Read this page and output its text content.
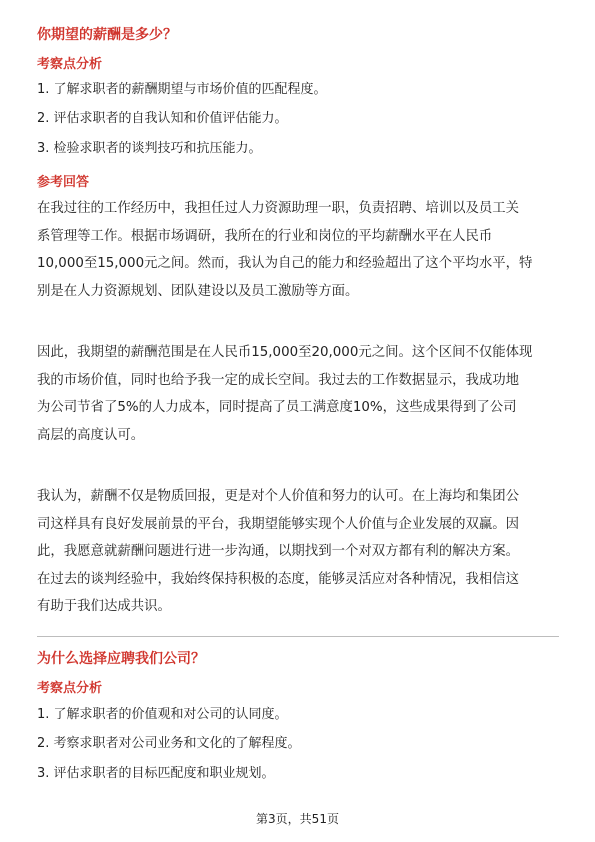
你期望的薪酬是多少？
考察点分析
1. 了解求职者的薪酬期望与市场价值的匹配程度。
2. 评估求职者的自我认知和价值评估能力。
3. 检验求职者的谈判技巧和抗压能力。
参考回答
在我过往的工作经历中，我担任过人力资源助理一职，负责招聘、培训以及员工关
系管理等工作。根据市场调研，我所在的行业和岗位的平均薪酬水平在人民币
10,000至15,000元之间。然而，我认为自己的能力和经验超出了这个平均水平，特
别是在人力资源规划、团队建设以及员工激励等方面。
因此，我期望的薪酬范围是在人民币15,000至20,000元之间。这个区间不仅能体现
我的市场价值，同时也给予我一定的成长空间。我过去的工作数据显示，我成功地
为公司节省了5%的人力成本，同时提高了员工满意度10%，这些成果得到了公司
高层的高度认可。
我认为，薪酬不仅是物质回报，更是对个人价值和努力的认可。在上海均和集团公
司这样具有良好发展前景的平台，我期望能够实现个人价值与企业发展的双赢。因
此，我愿意就薪酬问题进行进一步沟通，以期找到一个对双方都有利的解决方案。
在过去的谈判经验中，我始终保持积极的态度，能够灵活应对各种情况，我相信这
有助于我们达成共识。
为什么选择应聘我们公司？
考察点分析
1. 了解求职者的价值观和对公司的认同度。
2. 考察求职者对公司业务和文化的了解程度。
3. 评估求职者的目标匹配度和职业规划。
第3页，共51页
